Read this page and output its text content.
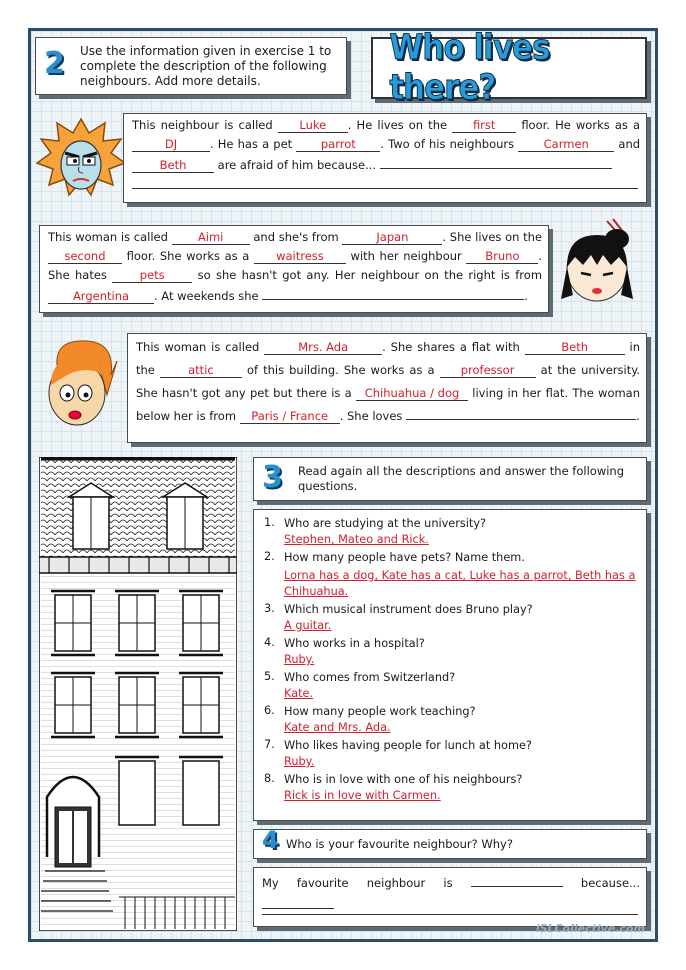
2 Use the information given in exercise 1 to
complete the description of the following
neighbours. Add more details.
Who lives there?
This neighbour is called Luke . He lives on the first floor. He works as a DJ	. He has a pet parrot . Two of his neighbours	Carmen	and Beth	are afraid of him because...
This woman is called	Aimi	and she's from	Japan	. She lives on the second floor. She works as a waitress with her neighbour Bruno . She hates	pets	so she hasn't got any. Her neighbour on the right is from Argentina . At weekends she	.
This woman is called	Mrs. Ada	. She shares a flat with	Beth	in the	attic	of this building. She works as a professor at the university. She hasn't got any pet but there is a Chihuahua / dog living in her flat. The woman below her is from Paris / France . She loves	.
3 Read again all the descriptions and answer the following
questions.
1. Who are studying at the university?
Stephen, Mateo and Rick.
2. How many people have pets? Name them.
Lorna has a dog, Kate has a cat, Luke has a parrot, Beth has a Chihuahua.
3. Which musical instrument does Bruno play?
A guitar.
4. Who works in a hospital?
Ruby.
5. Who comes from Switzerland?
Kate.
6. How many people work teaching?
Kate and Mrs. Ada.
7. Who likes having people for lunch at home?
Ruby.
8. Who is in love with one of his neighbours?
Rick is in love with Carmen.
4 Who is your favourite neighbour? Why?
My favourite neighbour is	because...
iSLCollective.com
